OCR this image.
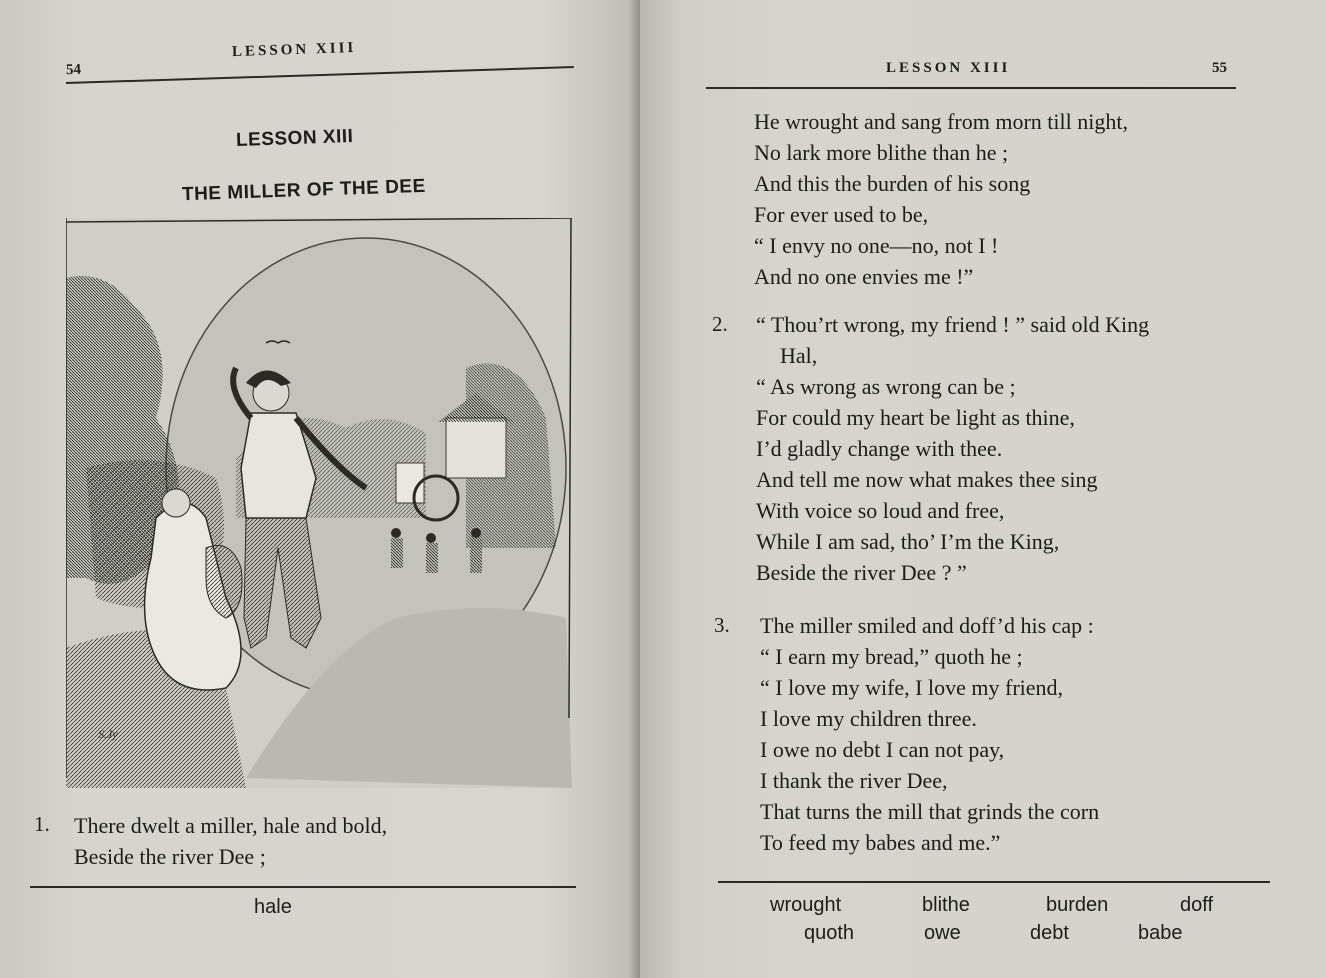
54
LESSON XIII
LESSON XIII
THE MILLER OF THE DEE
S.Jy
1. There dwelt a miller, hale and bold,
Beside the river Dee ;
hale
LESSON XIII	55
He wrought and sang from morn till night,
No lark more blithe than he ;
And this the burden of his song
For ever used to be,
“ I envy no one—no, not I !
And no one envies me !”
2. “ Thou’rt wrong, my friend ! ” said old King
Hal,
“ As wrong as wrong can be ;
For could my heart be light as thine,
I’d gladly change with thee.
And tell me now what makes thee sing
With voice so loud and free,
While I am sad, tho’ I’m the King,
Beside the river Dee ? ”
3. The miller smiled and doff’d his cap :
“ I earn my bread,” quoth he ;
“ I love my wife, I love my friend,
I love my children three.
I owe no debt I can not pay,
I thank the river Dee,
That turns the mill that grinds the corn
To feed my babes and me.”
wrought	blithe	burden	doff
quoth	owe	debt	babe
